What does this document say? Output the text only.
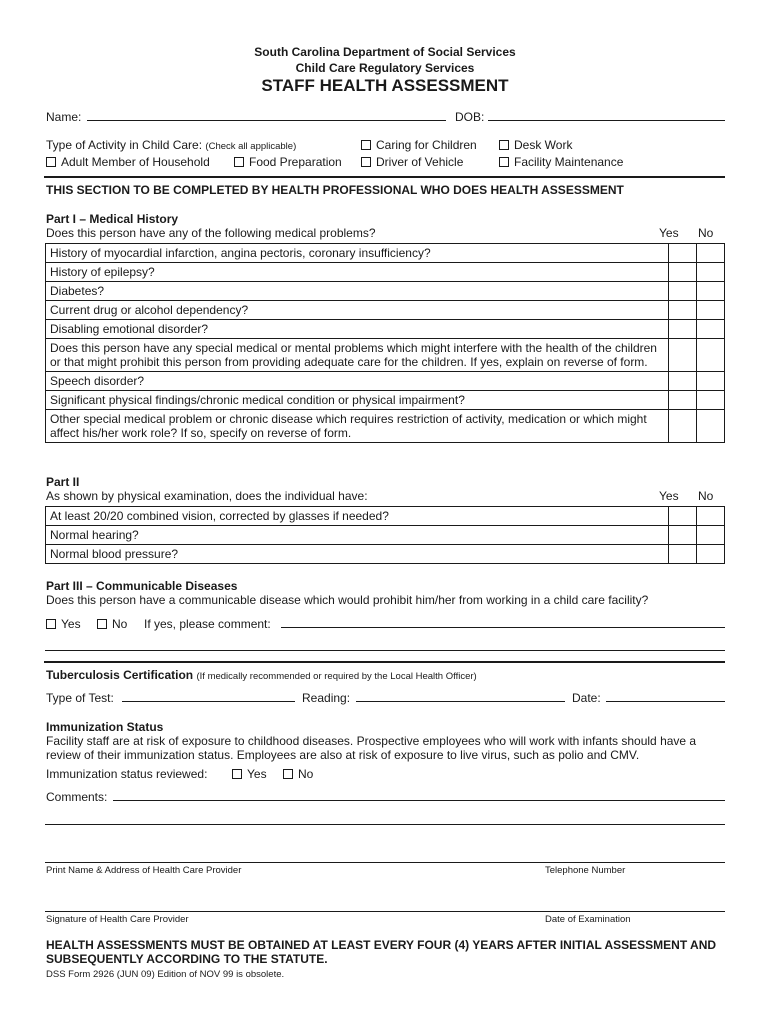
South Carolina Department of Social Services
Child Care Regulatory Services
STAFF HEALTH ASSESSMENT
Name:	DOB:
Type of Activity in Child Care: (Check all applicable)	Caring for Children	Desk Work
Adult Member of Household	Food Preparation	Driver of Vehicle	Facility Maintenance
THIS SECTION TO BE COMPLETED BY HEALTH PROFESSIONAL WHO DOES HEALTH ASSESSMENT
Part I – Medical History
Does this person have any of the following medical problems?	Yes No
History of myocardial infarction, angina pectoris, coronary insufficiency?		
History of epilepsy?		
Diabetes?		
Current drug or alcohol dependency?		
Disabling emotional disorder?		
Does this person have any special medical or mental problems which might interfere with the health of the children or that might prohibit this person from providing adequate care for the children. If yes, explain on reverse of form.		
Speech disorder?		
Significant physical findings/chronic medical condition or physical impairment?		
Other special medical problem or chronic disease which requires restriction of activity, medication or which might affect his/her work role? If so, specify on reverse of form.		
Part II
As shown by physical examination, does the individual have:	Yes No
At least 20/20 combined vision, corrected by glasses if needed?		
Normal hearing?		
Normal blood pressure?		
Part III – Communicable Diseases
Does this person have a communicable disease which would prohibit him/her from working in a child care facility?
Yes	No If yes, please comment:
Tuberculosis Certification (If medically recommended or required by the Local Health Officer)
Type of Test:	Reading:	Date:
Immunization Status
Facility staff are at risk of exposure to childhood diseases. Prospective employees who will work with infants should have a review of their immunization status. Employees are also at risk of exposure to live virus, such as polio and CMV.
Immunization status reviewed:	Yes	No
Comments:
Print Name & Address of Health Care Provider	Telephone Number
Signature of Health Care Provider	Date of Examination
HEALTH ASSESSMENTS MUST BE OBTAINED AT LEAST EVERY FOUR (4) YEARS AFTER INITIAL ASSESSMENT AND SUBSEQUENTLY ACCORDING TO THE STATUTE.
DSS Form 2926 (JUN 09) Edition of NOV 99 is obsolete.
